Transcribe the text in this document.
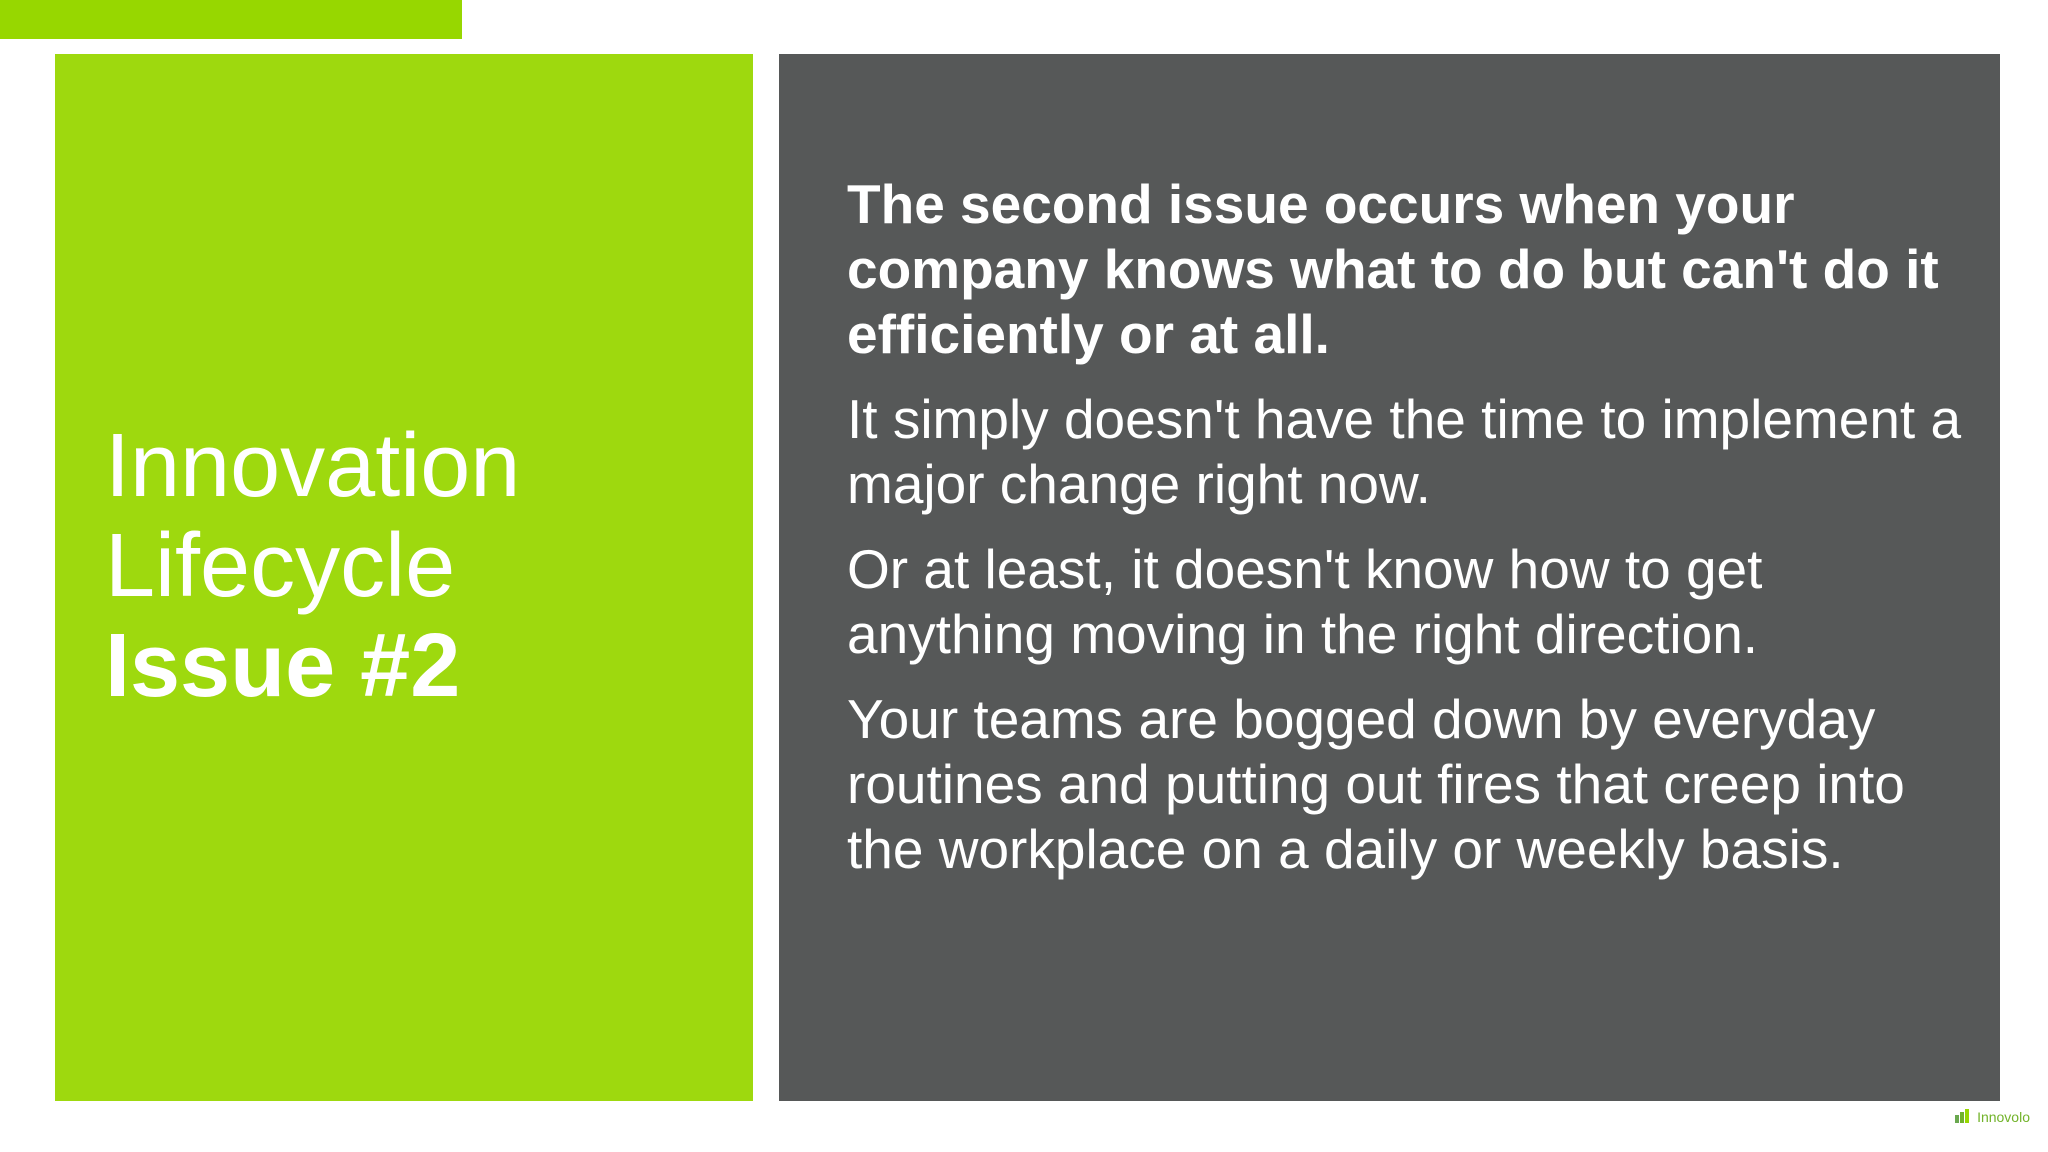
Innovation
Lifecycle
Issue #2

The second issue occurs when your company knows what to do but can't do it efficiently or at all.

It simply doesn't have the time to implement a major change right now.

Or at least, it doesn't know how to get anything moving in the right direction.

Your teams are bogged down by everyday routines and putting out fires that creep into the workplace on a daily or weekly basis.

Innovolo
